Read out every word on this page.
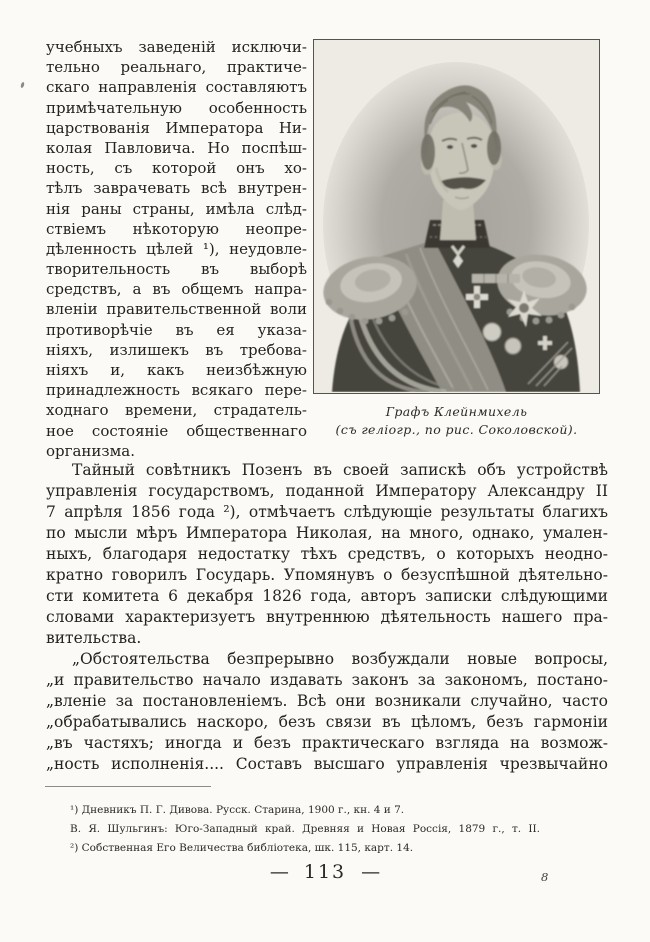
учебныхъ заведеній исключи-
тельно реальнаго, практиче-
скаго направленія составляютъ
примѣчательную особенность
царствованія Императора Ни-
колая Павловича. Но поспѣш-
ность, съ которой онъ хо-
тѣлъ заврачевать всѣ внутрен-
нія раны страны, имѣла слѣд-
ствіемъ нѣкоторую неопре-
дѣленность цѣлей ¹), неудовле-
творительность въ выборѣ
средствъ, а въ общемъ напра-
вленіи правительственной воли
противорѣчіе въ ея указа-
ніяхъ, излишекъ въ требова-
ніяхъ и, какъ неизбѣжную
принадлежность всякаго пере-
ходнаго времени, страдатель-
ное состояніе общественнаго
организма.
Графъ Клейнмихель
(съ геліогр., по рис. Соколовской).
Тайный совѣтникъ Позенъ въ своей запискѣ объ устройствѣ
управленія государствомъ, поданной Императору Александру II
7 апрѣля 1856 года ²), отмѣчаетъ слѣдующіе результаты благихъ
по мысли мѣръ Императора Николая, на много, однако, умален-
ныхъ, благодаря недостатку тѣхъ средствъ, о которыхъ неодно-
кратно говорилъ Государь. Упомянувъ о безуспѣшной дѣятельно-
сти комитета 6 декабря 1826 года, авторъ записки слѣдующими
словами характеризуетъ внутреннюю дѣятельность нашего пра-
вительства.
„Обстоятельства безпрерывно возбуждали новые вопросы,
„и правительство начало издавать законъ за закономъ, постано-
„вленіе за постановленіемъ. Всѣ они возникали случайно, часто
„обрабатывались наскоро, безъ связи въ цѣломъ, безъ гармоніи
„въ частяхъ; иногда и безъ практическаго взгляда на возмож-
„ность исполненія.... Составъ высшаго управленія чрезвычайно
¹) Дневникъ П. Г. Дивова. Русск. Старина, 1900 г., кн. 4 и 7.
В. Я. Шульгинъ: Юго-Западный край. Древняя и Новая Россія, 1879 г., т. II.
²) Собственная Его Величества библіотека, шк. 115, карт. 14.
— 113 —	8
